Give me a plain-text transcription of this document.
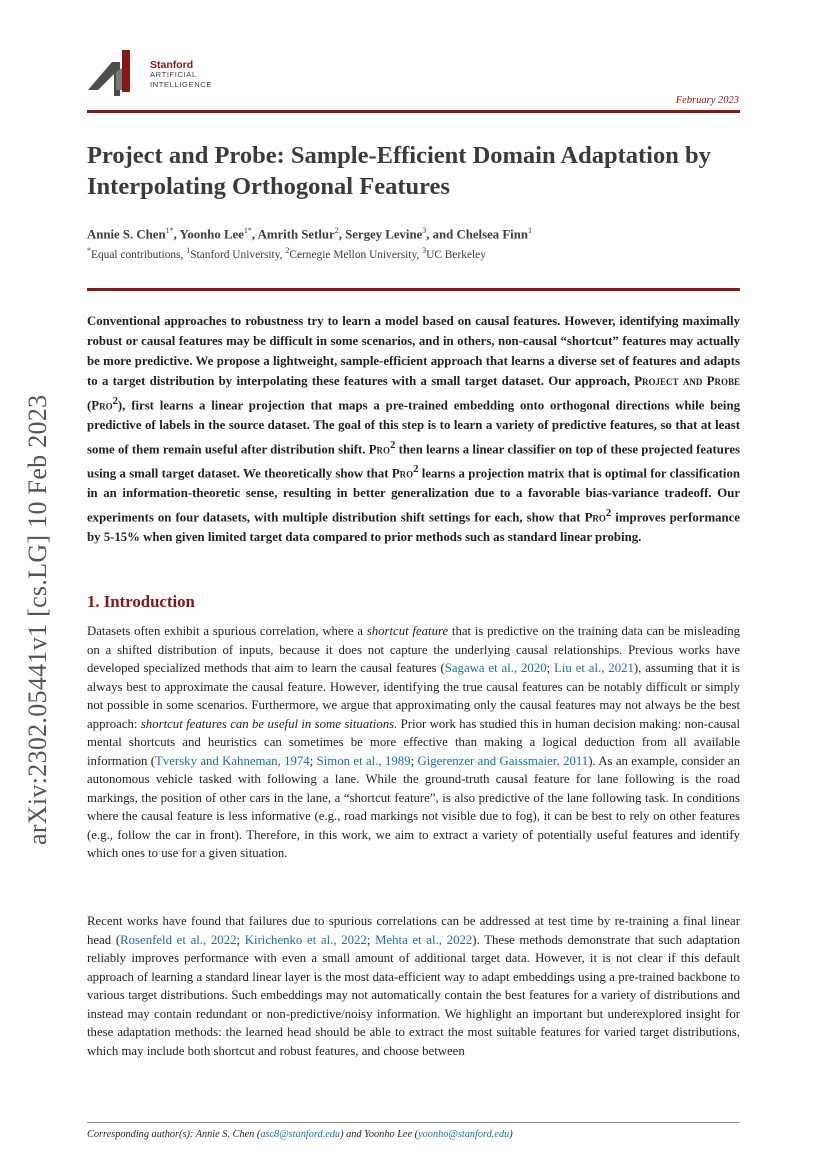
Stanford
ARTIFICIAL
INTELLIGENCE
February 2023
arXiv:2302.05441v1 [cs.LG] 10 Feb 2023
Project and Probe: Sample-Efficient Domain Adaptation by Interpolating Orthogonal Features
Annie S. Chen$^{1*}$, Yoonho Lee$^{1*}$, Amrith Setlur$^2$, Sergey Levine$^3$, and Chelsea Finn$^1$
*Equal contributions, $^1$Stanford University, $^2$Cernegie Mellon University, $^3$UC Berkeley

Conventional approaches to robustness try to learn a model based on causal features. However, identifying maximally robust or causal features may be difficult in some scenarios, and in others, non-causal “shortcut” features may actually be more predictive. We propose a lightweight, sample-efficient approach that learns a diverse set of features and adapts to a target distribution by interpolating these features with a small target dataset. Our approach, Project and Probe (Pro$^2$), first learns a linear projection that maps a pre-trained embedding onto orthogonal directions while being predictive of labels in the source dataset. The goal of this step is to learn a variety of predictive features, so that at least some of them remain useful after distribution shift. Pro$^2$ then learns a linear classifier on top of these projected features using a small target dataset. We theoretically show that Pro$^2$ learns a projection matrix that is optimal for classification in an information-theoretic sense, resulting in better generalization due to a favorable bias-variance tradeoff. Our experiments on four datasets, with multiple distribution shift settings for each, show that Pro$^2$ improves performance by 5-15% when given limited target data compared to prior methods such as standard linear probing.

1. Introduction

Datasets often exhibit a spurious correlation, where a shortcut feature that is predictive on the training data can be misleading on a shifted distribution of inputs, because it does not capture the underlying causal relationships. Previous works have developed specialized methods that aim to learn the causal features (Sagawa et al., 2020; Liu et al., 2021), assuming that it is always best to approximate the causal feature. However, identifying the true causal features can be notably difficult or simply not possible in some scenarios. Furthermore, we argue that approximating only the causal features may not always be the best approach: shortcut features can be useful in some situations. Prior work has studied this in human decision making: non-causal mental shortcuts and heuristics can sometimes be more effective than making a logical deduction from all available information (Tversky and Kahneman, 1974; Simon et al., 1989; Gigerenzer and Gaissmaier, 2011). As an example, consider an autonomous vehicle tasked with following a lane. While the ground-truth causal feature for lane following is the road markings, the position of other cars in the lane, a “shortcut feature”, is also predictive of the lane following task. In conditions where the causal feature is less informative (e.g., road markings not visible due to fog), it can be best to rely on other features (e.g., follow the car in front). Therefore, in this work, we aim to extract a variety of potentially useful features and identify which ones to use for a given situation.

Recent works have found that failures due to spurious correlations can be addressed at test time by re-training a final linear head (Rosenfeld et al., 2022; Kirichenko et al., 2022; Mehta et al., 2022). These methods demonstrate that such adaptation reliably improves performance with even a small amount of additional target data. However, it is not clear if this default approach of learning a standard linear layer is the most data-efficient way to adapt embeddings using a pre-trained backbone to various target distributions. Such embeddings may not automatically contain the best features for a variety of distributions and instead may contain redundant or non-predictive/noisy information. We highlight an important but underexplored insight for these adaptation methods: the learned head should be able to extract the most suitable features for varied target distributions, which may include both shortcut and robust features, and choose between

Corresponding author(s): Annie S. Chen (asc8@stanford.edu) and Yoonho Lee (yoonho@stanford.edu)
